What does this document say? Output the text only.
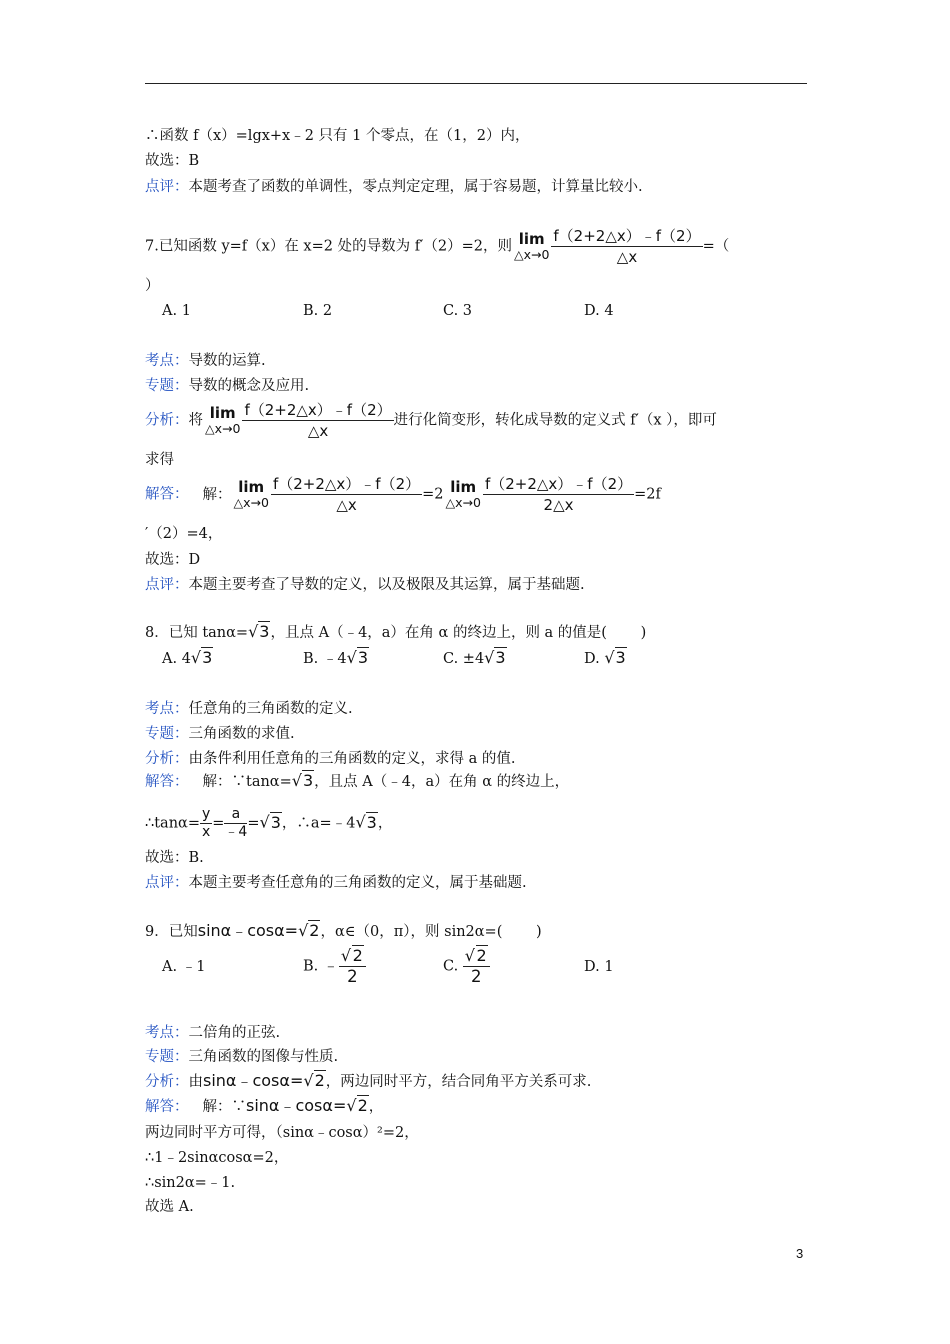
∴函数 f（x）=lgx+x﹣2 只有 1 个零点，在（1，2）内，
故选：B
点评：本题考查了函数的单调性，零点判定定理，属于容易题，计算量比较小.
7.已知函数 y=f（x）在 x=2 处的导数为 f′（2）=2，则 lim
△x→0 $\frac{f(2+2\triangle x)﹣f(2)}{\triangle x}$ =（
）
A. 1	B. 2	C. 3	D. 4
考点：导数的运算.
专题：导数的概念及应用.
分析：将 lim
△x→0 $\frac{f(2+2\triangle x)﹣f(2)}{\triangle x}$ 进行化简变形，转化成导数的定义式 f′（x ），即可
求得
解答： 解： lim
△x→0 $\frac{f(2+2\triangle x)﹣f(2)}{\triangle x} =2$ lim
△x→0 $\frac{f(2+2\triangle x)﹣f(2)}{2\triangle x} =2f$
′（2）=4，
故选：D
点评：本题主要考查了导数的定义，以及极限及其运算，属于基础题.
8．已知 tanα=√3，且点 A（﹣4，a）在角 α 的终边上，则 a 的值是(　　 )
A. 4√3	B. ﹣4√3	C. ±4√3	D. √3
考点：任意角的三角函数的定义.
专题：三角函数的求值.
分析：由条件利用任意角的三角函数的定义，求得 a 的值.
解答： 解：∵tanα=√3，且点 A（﹣4，a）在角 α 的终边上，
∴tanα= $\frac{y}{x} = \frac{a}{﹣4} =√3$，∴a=﹣4√3，
故选：B.
点评：本题主要考查任意角的三角函数的定义，属于基础题.
9．已知sinα﹣cosα=√2，α∈（0，π），则 sin2α=(　　 )
A. ﹣1	B. ﹣ $\frac{√2}{2}$	C. $\frac{√2}{2}$	D. 1
考点：二倍角的正弦.
专题：三角函数的图像与性质.
分析：由sinα﹣cosα=√2，两边同时平方，结合同角平方关系可求.
解答： 解：∵sinα﹣cosα=√2，
两边同时平方可得，（sinα﹣cosα）²=2，
∴1﹣2sinαcosα=2，
∴sin2α=﹣1.
故选 A.
3
